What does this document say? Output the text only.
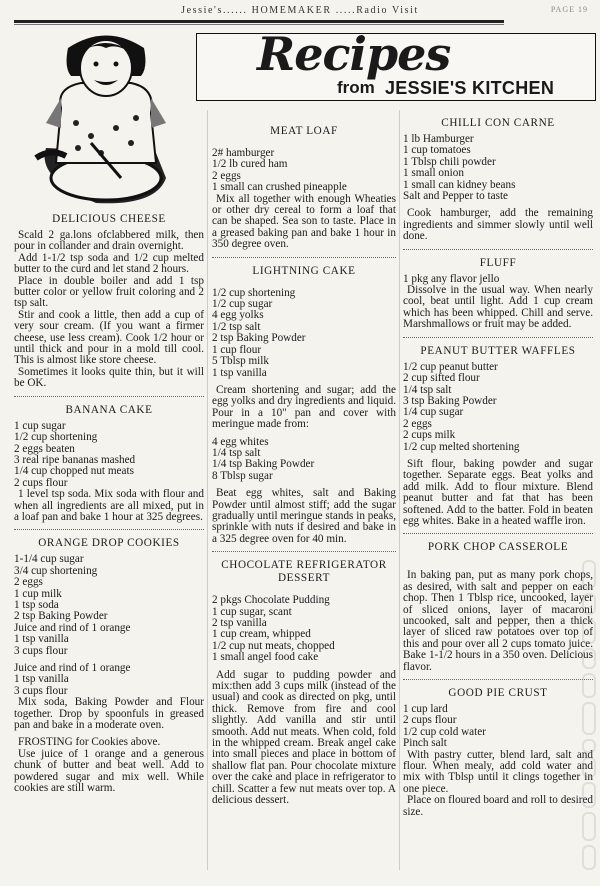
Jessie's...... HOMEMAKER .....Radio Visit	PAGE 19
Recipes
from JESSIE'S KITCHEN
DELICIOUS CHEESE

Scald 2 ga.lons ofclabbered milk, then pour in collander and drain overnight.

Add 1-1/2 tsp soda and 1/2 cup melted butter to the curd and let stand 2 hours.

Place in double boiler and add 1 tsp butter color or yellow fruit coloring and 2 tsp salt.

Stir and cook a little, then add a cup of very sour cream. (If you want a firmer cheese, use less cream). Cook 1/2 hour or until thick and pour in a mold till cool. This is almost like store cheese.

Sometimes it looks quite thin, but it will be OK.

BANANA CAKE
1 cup sugar
1/2 cup shortening
2 eggs beaten
3 real ripe bananas mashed
1/4 cup chopped nut meats
2 cups flour

1 level tsp soda. Mix soda with flour and when all ingredients are all mixed, put in a loaf pan and bake 1 hour at 325 degrees.

ORANGE DROP COOKIES
1-1/4 cup sugar
3/4 cup shortening
2 eggs
1 cup milk
1 tsp soda
2 tsp Baking Powder
Juice and rind of 1 orange
1 tsp vanilla
3 cups flour
Juice and rind of 1 orange
1 tsp vanilla
3 cups flour

Mix soda, Baking Powder and Flour together. Drop by spoonfuls in greased pan and bake in a moderate oven.

FROSTING for Cookies above.

Use juice of 1 orange and a generous chunk of butter and beat well. Add to powdered sugar and mix well. While cookies are still warm.

MEAT LOAF
2# hamburger
1/2 lb cured ham
2 eggs
1 small can crushed pineapple

Mix all together with enough Wheaties or other dry cereal to form a loaf that can be shaped. Sea son to taste. Place in a greased baking pan and bake 1 hour in 350 degree oven.

LIGHTNING CAKE
1/2 cup shortening
1/2 cup sugar
4 egg yolks
1/2 tsp salt
2 tsp Baking Powder
1 cup flour
5 Tblsp milk
1 tsp vanilla

Cream shortening and sugar; add the egg yolks and dry ingredients and liquid. Pour in a 10" pan and cover with meringue made from:

4 egg whites
1/4 tsp salt
1/4 tsp Baking Powder
8 Tblsp sugar

Beat egg whites, salt and Baking Powder until almost stiff; add the sugar gradually until meringue stands in peaks, sprinkle with nuts if desired and bake in a 325 degree oven for 40 min.

CHOCOLATE REFRIGERATOR DESSERT
2 pkgs Chocolate Pudding
1 cup sugar, scant
2 tsp vanilla
1 cup cream, whipped
1/2 cup nut meats, chopped
1 small angel food cake

Add sugar to pudding powder and mix:then add 3 cups milk (instead of the usual) and cook as directed on pkg, until thick. Remove from fire and cool slightly. Add vanilla and stir until smooth. Add nut meats. When cold, fold in the whipped cream. Break angel cake into small pieces and place in bottom of shallow flat pan. Pour chocolate mixture over the cake and place in refrigerator to chill. Scatter a few nut meats over top. A delicious dessert.

CHILLI CON CARNE
1 lb Hamburger
1 cup tomatoes
1 Tblsp chili powder
1 small onion
1 small can kidney beans
Salt and Pepper to taste

Cook hamburger, add the remaining ingredients and simmer slowly until well done.

FLUFF
1 pkg any flavor jello

Dissolve in the usual way. When nearly cool, beat until light. Add 1 cup cream which has been whipped. Chill and serve. Marshmallows or fruit may be added.

PEANUT BUTTER WAFFLES
1/2 cup peanut butter
2 cup sifted flour
1/4 tsp salt
3 tsp Baking Powder
1/4 cup sugar
2 eggs
2 cups milk
1/2 cup melted shortening

Sift flour, baking powder and sugar together. Separate eggs. Beat yolks and add milk. Add to flour mixture. Blend peanut butter and fat that has been softened. Add to the batter. Fold in beaten egg whites. Bake in a heated waffle iron.

PORK CHOP CASSEROLE

In baking pan, put as many pork chops, as desired, with salt and pepper on each chop. Then 1 Tblsp rice, uncooked, layer of sliced onions, layer of macaroni uncooked, salt and pepper, then a thick layer of sliced raw potatoes over top of this and pour over all 2 cups tomato juice. Bake 1-1/2 hours in a 350 oven. Delicious flavor.

GOOD PIE CRUST
1 cup lard
2 cups flour
1/2 cup cold water
Pinch salt

With pastry cutter, blend lard, salt and flour. When mealy, add cold water and mix with Tblsp until it clings together in one piece.

Place on floured board and roll to desired size.
